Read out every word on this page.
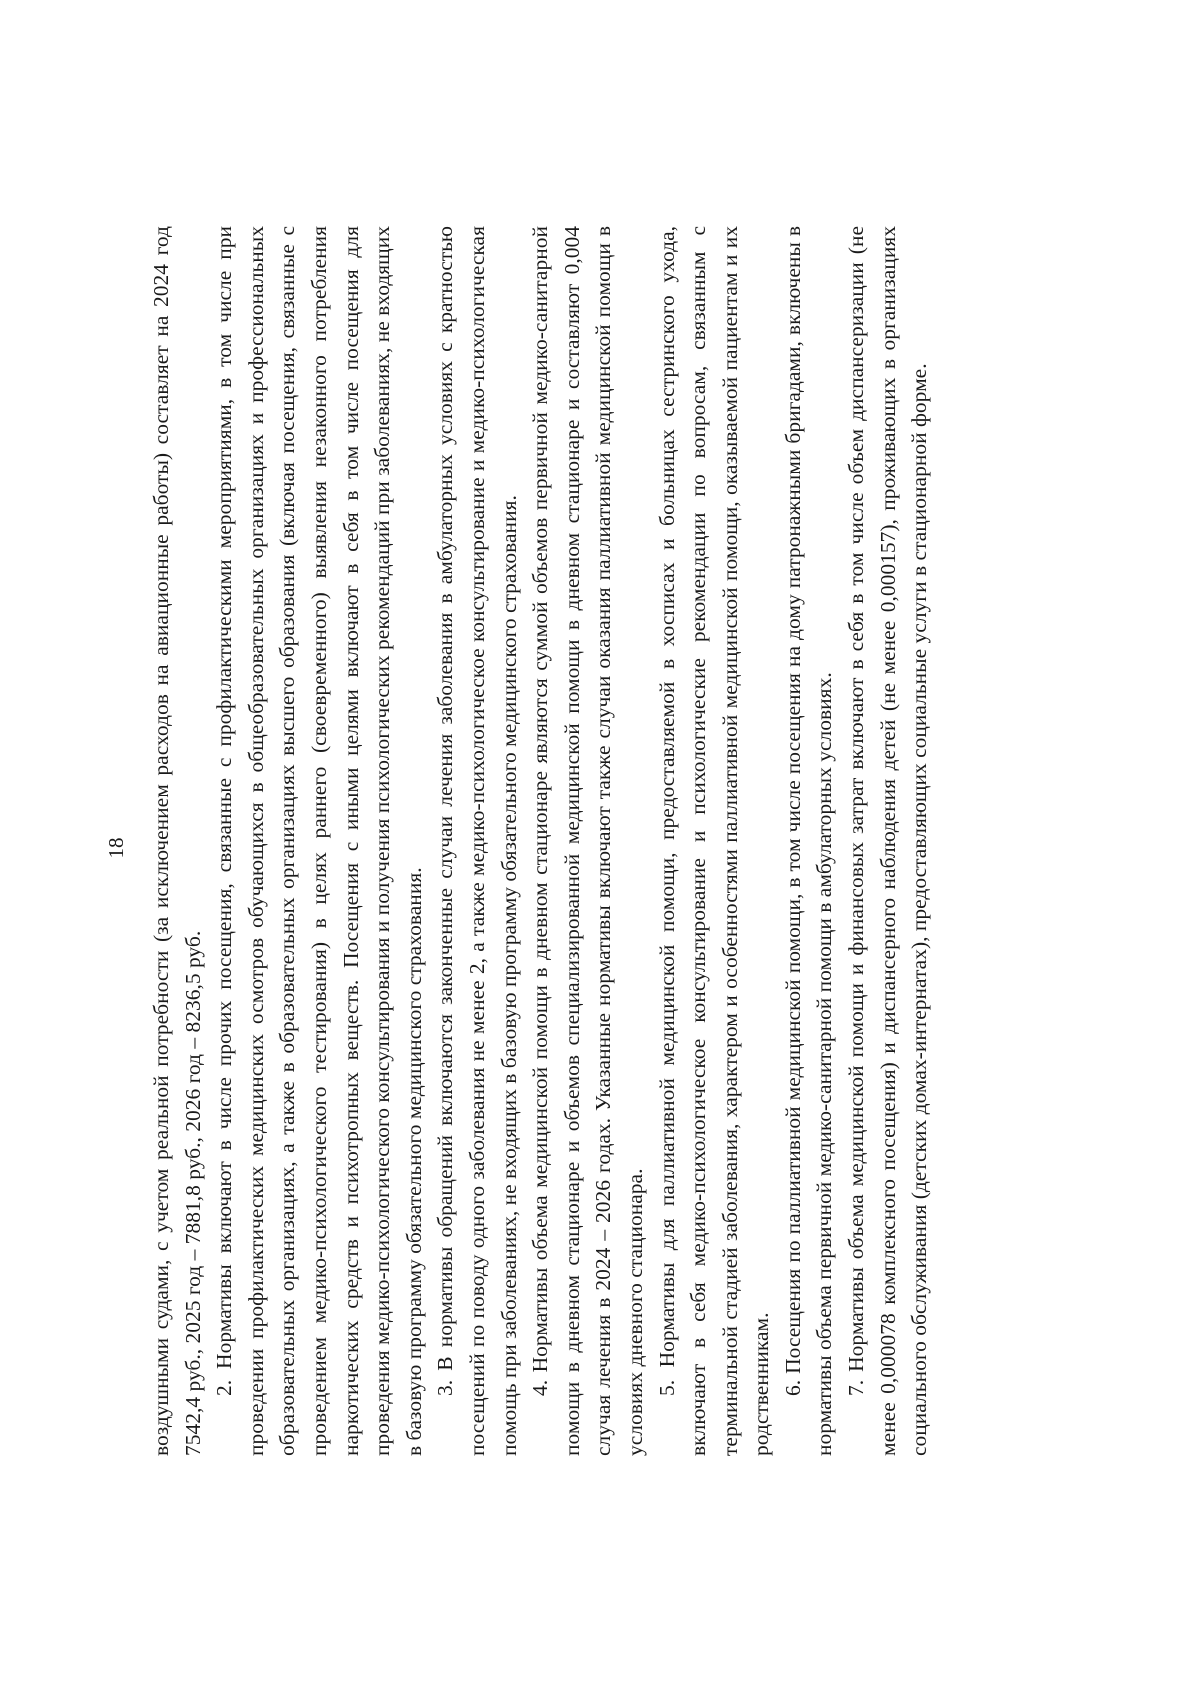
18 воздушными судами, с учетом реальной потребности (за исключением расходов на авиационные работы) составляет на 2024 год 7542,4 руб., 2025 год – 7881,8 руб., 2026 год – 8236,5 руб. 2. Нормативы включают в числе прочих посещения, связанные с профилактическими мероприятиями, в том числе при проведении профилактических медицинских осмотров обучающихся в общеобразовательных организациях и профессиональных образовательных организациях, а также в образовательных организациях высшего образования (включая посещения, связанные с проведением медико-психологического тестирования) в целях раннего (своевременного) выявления незаконного потребления наркотических средств и психотропных веществ. Посещения с иными целями включают в себя в том числе посещения для проведения медико-психологического консультирования и получения психологических рекомендаций при заболеваниях, не входящих в базовую программу обязательного медицинского страхования. 3. В нормативы обращений включаются законченные случаи лечения заболевания в амбулаторных условиях с кратностью посещений по поводу одного заболевания не менее 2, а также медико-психологическое консультирование и медико-психологическая помощь при заболеваниях, не входящих в базовую программу обязательного медицинского страхования. 4. Нормативы объема медицинской помощи в дневном стационаре являются суммой объемов первичной медико-санитарной помощи в дневном стационаре и объемов специализированной медицинской помощи в дневном стационаре и составляют 0,004 случая лечения в 2024 – 2026 годах. Указанные нормативы включают также случаи оказания паллиативной медицинской помощи в условиях дневного стационара. 5. Нормативы для паллиативной медицинской помощи, предоставляемой в хосписах и больницах сестринского ухода, включают в себя медико-психологическое консультирование и психологические рекомендации по вопросам, связанным с терминальной стадией заболевания, характером и особенностями паллиативной медицинской помощи, оказываемой пациентам и их родственникам. 6. Посещения по паллиативной медицинской помощи, в том числе посещения на дому патронажными бригадами, включены в нормативы объема первичной медико-санитарной помощи в амбулаторных условиях. 7. Нормативы объема медицинской помощи и финансовых затрат включают в себя в том числе объем диспансеризации (не менее 0,000078 комплексного посещения) и диспансерного наблюдения детей (не менее 0,000157), проживающих в организациях социального обслуживания (детских домах-интернатах), предоставляющих социальные услуги в стационарной форме.
